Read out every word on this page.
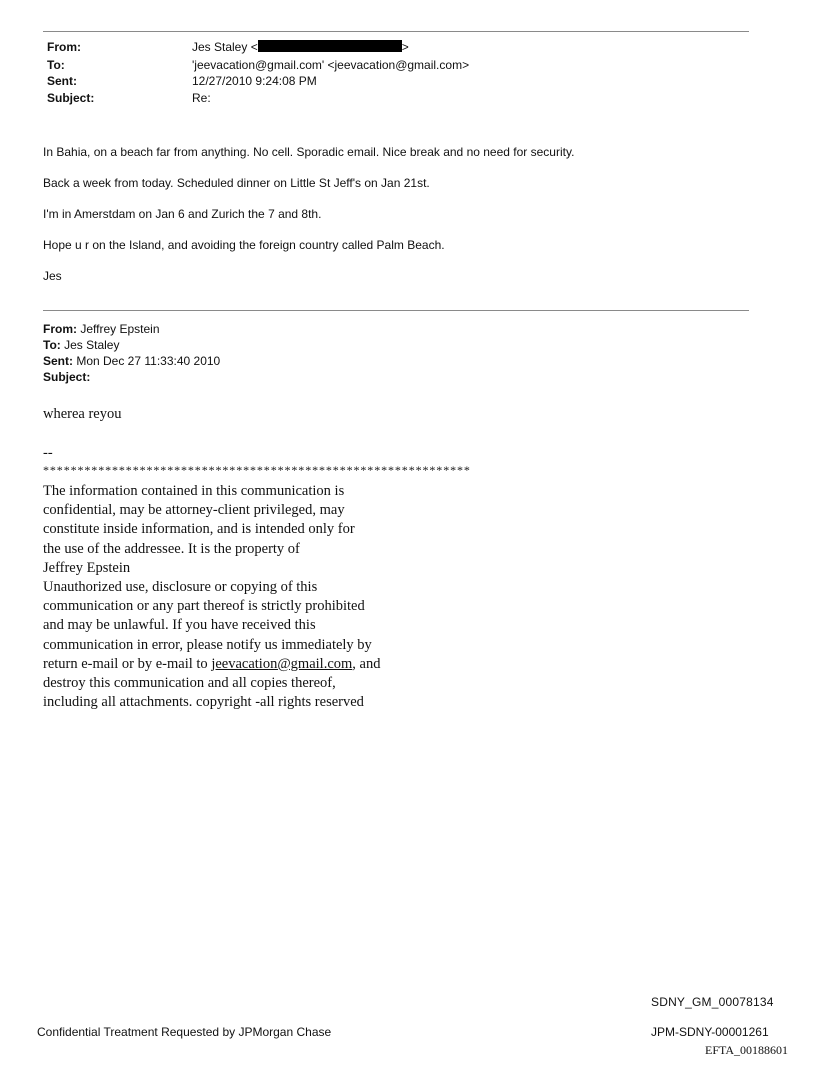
From:	Jes Staley <	>
To:	'jeevacation@gmail.com' <jeevacation@gmail.com>
Sent:	12/27/2010 9:24:08 PM
Subject:	Re:
In Bahia, on a beach far from anything. No cell. Sporadic email. Nice break and no need for security.
Back a week from today. Scheduled dinner on Little St Jeff's on Jan 21st.
I'm in Amerstdam on Jan 6 and Zurich the 7 and 8th.
Hope u r on the Island, and avoiding the foreign country called Palm Beach.
Jes
From: Jeffrey Epstein
To: Jes Staley
Sent: Mon Dec 27 11:33:40 2010
Subject:
wherea reyou
--
**************************************************************
The information contained in this communication is
confidential, may be attorney-client privileged, may
constitute inside information, and is intended only for
the use of the addressee. It is the property of
Jeffrey Epstein
Unauthorized use, disclosure or copying of this
communication or any part thereof is strictly prohibited
and may be unlawful. If you have received this
communication in error, please notify us immediately by
return e-mail or by e-mail to jeevacation@gmail.com, and
destroy this communication and all copies thereof,
including all attachments. copyright -all rights reserved
SDNY_GM_00078134
Confidential Treatment Requested by JPMorgan Chase	JPM-SDNY-00001261
EFTA_00188601
